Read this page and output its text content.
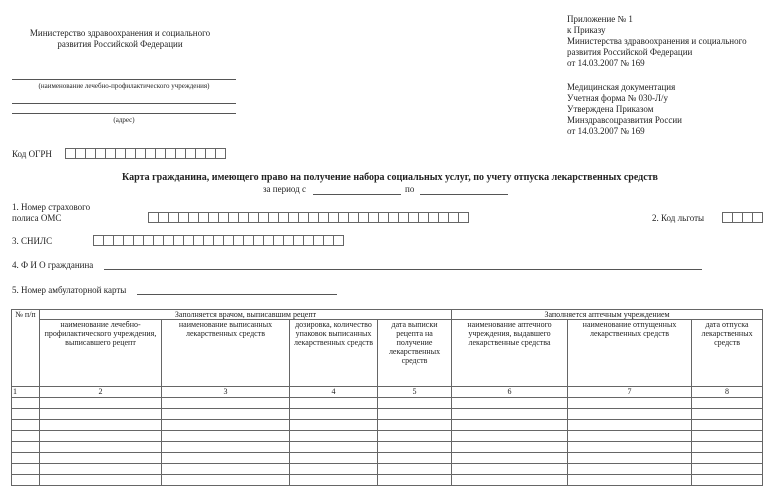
Министерство здравоохранения и социального
развития Российской Федерации
(наименование лечебно-профилактического учреждения)
(адрес)
Приложение № 1
к Приказу
Министерства здравоохранения и социального
развития Российской Федерации
от 14.03.2007 № 169
Медицинская документация
Учетная форма № 030-Л/у
Утверждена Приказом
Минздравсоцразвития России
от 14.03.2007 № 169
Код ОГРН
Карта гражданина, имеющего право на получение набора социальных услуг, по учету отпуска лекарственных средств
за период с	по
1. Номер страхового
полиса ОМС	2. Код льготы
3. СНИЛС
4. Ф И О гражданина
5. Номер амбулаторной карты
№ п/п	Заполняется врачом, выписавшим рецепт				Заполняется аптечным учреждением		
	наименование лечебно-профилактического учреждения, выписавшего рецепт	наименование выписанных лекарственных средств	дозировка, количество упаковок выписанных лекарственных средств	дата выписки рецепта на получение лекарственных средств	наименование аптечного учреждения, выдавшего лекарственные средства	наименование отпущенных лекарственных средств	дата отпуска лекарственных средств
1	2	3	4	5	6	7	8
